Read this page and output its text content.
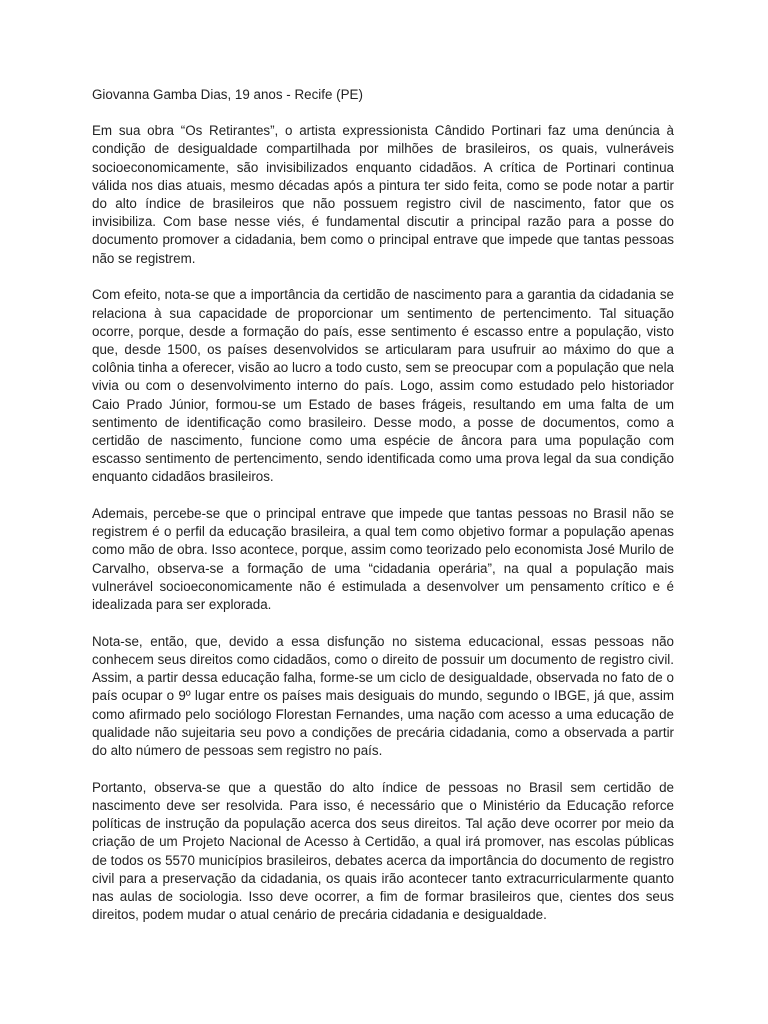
Giovanna Gamba Dias, 19 anos - Recife (PE)

Em sua obra “Os Retirantes”, o artista expressionista Cândido Portinari faz uma denúncia à condição de desigualdade compartilhada por milhões de brasileiros, os quais, vulneráveis socioeconomicamente, são invisibilizados enquanto cidadãos. A crítica de Portinari continua válida nos dias atuais, mesmo décadas após a pintura ter sido feita, como se pode notar a partir do alto índice de brasileiros que não possuem registro civil de nascimento, fator que os invisibiliza. Com base nesse viés, é fundamental discutir a principal razão para a posse do documento promover a cidadania, bem como o principal entrave que impede que tantas pessoas não se registrem.

Com efeito, nota-se que a importância da certidão de nascimento para a garantia da cidadania se relaciona à sua capacidade de proporcionar um sentimento de pertencimento. Tal situação ocorre, porque, desde a formação do país, esse sentimento é escasso entre a população, visto que, desde 1500, os países desenvolvidos se articularam para usufruir ao máximo do que a colônia tinha a oferecer, visão ao lucro a todo custo, sem se preocupar com a população que nela vivia ou com o desenvolvimento interno do país. Logo, assim como estudado pelo historiador Caio Prado Júnior, formou-se um Estado de bases frágeis, resultando em uma falta de um sentimento de identificação como brasileiro. Desse modo, a posse de documentos, como a certidão de nascimento, funcione como uma espécie de âncora para uma população com escasso sentimento de pertencimento, sendo identificada como uma prova legal da sua condição enquanto cidadãos brasileiros.

Ademais, percebe-se que o principal entrave que impede que tantas pessoas no Brasil não se registrem é o perfil da educação brasileira, a qual tem como objetivo formar a população apenas como mão de obra. Isso acontece, porque, assim como teorizado pelo economista José Murilo de Carvalho, observa-se a formação de uma “cidadania operária”, na qual a população mais vulnerável socioeconomicamente não é estimulada a desenvolver um pensamento crítico e é idealizada para ser explorada.

Nota-se, então, que, devido a essa disfunção no sistema educacional, essas pessoas não conhecem seus direitos como cidadãos, como o direito de possuir um documento de registro civil. Assim, a partir dessa educação falha, forme-se um ciclo de desigualdade, observada no fato de o país ocupar o 9º lugar entre os países mais desiguais do mundo, segundo o IBGE, já que, assim como afirmado pelo sociólogo Florestan Fernandes, uma nação com acesso a uma educação de qualidade não sujeitaria seu povo a condições de precária cidadania, como a observada a partir do alto número de pessoas sem registro no país.

Portanto, observa-se que a questão do alto índice de pessoas no Brasil sem certidão de nascimento deve ser resolvida. Para isso, é necessário que o Ministério da Educação reforce políticas de instrução da população acerca dos seus direitos. Tal ação deve ocorrer por meio da criação de um Projeto Nacional de Acesso à Certidão, a qual irá promover, nas escolas públicas de todos os 5570 municípios brasileiros, debates acerca da importância do documento de registro civil para a preservação da cidadania, os quais irão acontecer tanto extracurricularmente quanto nas aulas de sociologia. Isso deve ocorrer, a fim de formar brasileiros que, cientes dos seus direitos, podem mudar o atual cenário de precária cidadania e desigualdade.
